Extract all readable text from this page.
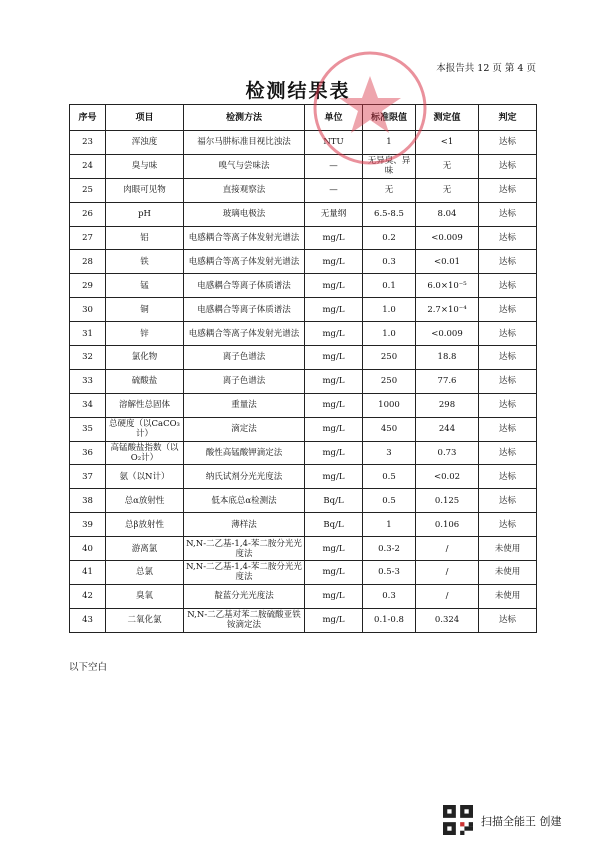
本报告共 12 页 第 4 页
检测结果表
序号	项目	检测方法	单位	标准限值	测定值	判定
23	浑浊度	福尔马肼标准目视比浊法	NTU	1	<1	达标
24	臭与味	嗅气与尝味法	—	无异臭、异味	无	达标
25	肉眼可见物	直接观察法	—	无	无	达标
26	pH	玻璃电极法	无量纲	6.5-8.5	8.04	达标
27	铝	电感耦合等离子体发射光谱法	mg/L	0.2	<0.009	达标
28	铁	电感耦合等离子体发射光谱法	mg/L	0.3	<0.01	达标
29	锰	电感耦合等离子体质谱法	mg/L	0.1	6.0×10⁻⁵	达标
30	铜	电感耦合等离子体质谱法	mg/L	1.0	2.7×10⁻⁴	达标
31	锌	电感耦合等离子体发射光谱法	mg/L	1.0	<0.009	达标
32	氯化物	离子色谱法	mg/L	250	18.8	达标
33	硫酸盐	离子色谱法	mg/L	250	77.6	达标
34	溶解性总固体	重量法	mg/L	1000	298	达标
35	总硬度（以CaCO₃计）	滴定法	mg/L	450	244	达标
36	高锰酸盐指数（以O₂计）	酸性高锰酸钾滴定法	mg/L	3	0.73	达标
37	氨（以N计）	纳氏试剂分光光度法	mg/L	0.5	<0.02	达标
38	总α放射性	低本底总α检测法	Bq/L	0.5	0.125	达标
39	总β放射性	薄样法	Bq/L	1	0.106	达标
40	游离氯	N,N-二乙基-1,4-苯二胺分光光度法	mg/L	0.3-2	/	未使用
41	总氯	N,N-二乙基-1,4-苯二胺分光光度法	mg/L	0.5-3	/	未使用
42	臭氧	靛蓝分光光度法	mg/L	0.3	/	未使用
43	二氧化氯	N,N-二乙基对苯二胺硫酸亚铁铵滴定法	mg/L	0.1-0.8	0.324	达标
以下空白
扫描全能王 创建
